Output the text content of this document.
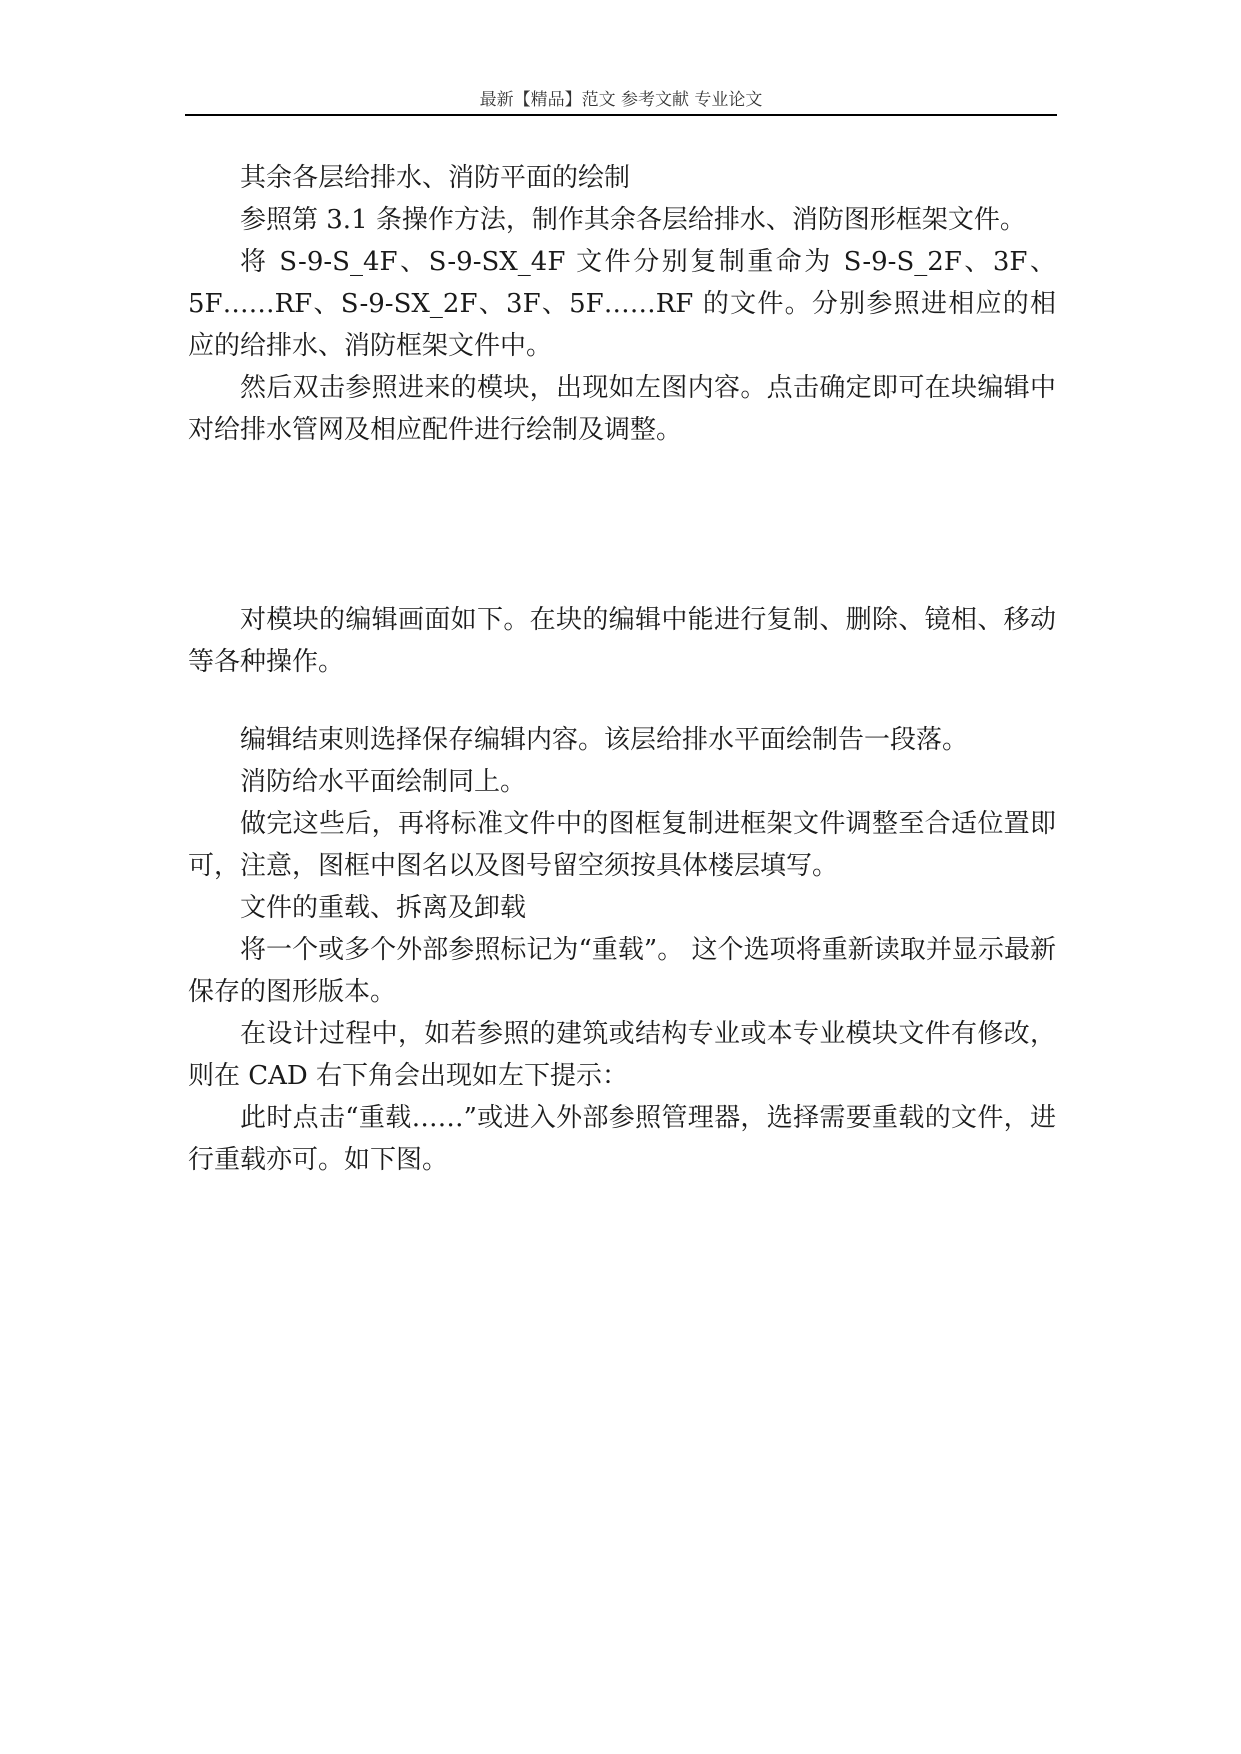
最新【精品】范文 参考文献 专业论文

其余各层给排水、消防平面的绘制

参照第 3.1 条操作方法，制作其余各层给排水、消防图形框架文件。

将 S-9-S_4F、S-9-SX_4F 文件分别复制重命为 S-9-S_2F、3F、5F……RF、S-9-SX_2F、3F、5F……RF 的文件。分别参照进相应的相应的给排水、消防框架文件中。

然后双击参照进来的模块，出现如左图内容。点击确定即可在块编辑中对给排水管网及相应配件进行绘制及调整。

对模块的编辑画面如下。在块的编辑中能进行复制、删除、镜相、移动等各种操作。

编辑结束则选择保存编辑内容。该层给排水平面绘制告一段落。

消防给水平面绘制同上。

做完这些后，再将标准文件中的图框复制进框架文件调整至合适位置即可，注意，图框中图名以及图号留空须按具体楼层填写。

文件的重载、拆离及卸载

将一个或多个外部参照标记为“重载”。 这个选项将重新读取并显示最新保存的图形版本。

在设计过程中，如若参照的建筑或结构专业或本专业模块文件有修改，则在 CAD 右下角会出现如左下提示：

此时点击“重载……”或进入外部参照管理器，选择需要重载的文件，进行重载亦可。如下图。
